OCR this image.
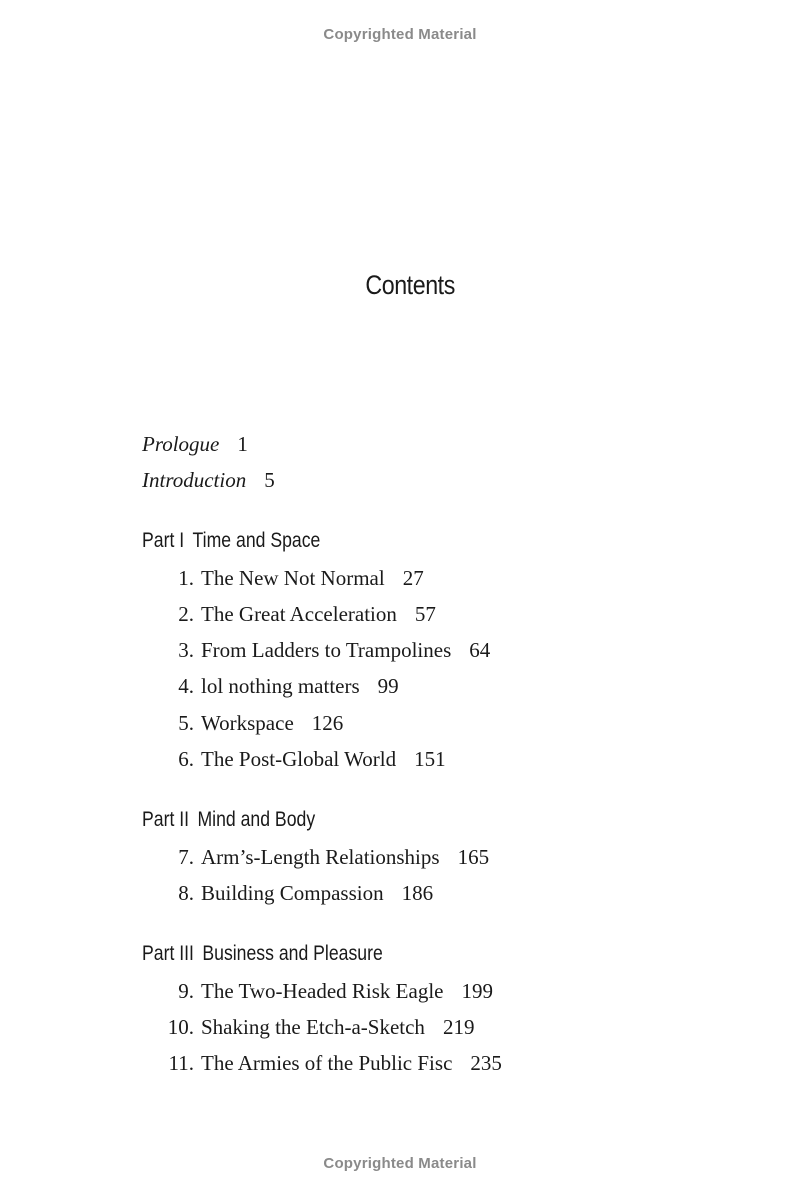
Copyrighted Material
Contents
Prologue 1
Introduction 5
Part I Time and Space
1. The New Not Normal 27
2. The Great Acceleration 57
3. From Ladders to Trampolines 64
4. lol nothing matters 99
5. Workspace 126
6. The Post-Global World 151
Part II Mind and Body
7. Arm’s-Length Relationships 165
8. Building Compassion 186
Part III Business and Pleasure
9. The Two-Headed Risk Eagle 199
10. Shaking the Etch-a-Sketch 219
11. The Armies of the Public Fisc 235
Copyrighted Material
